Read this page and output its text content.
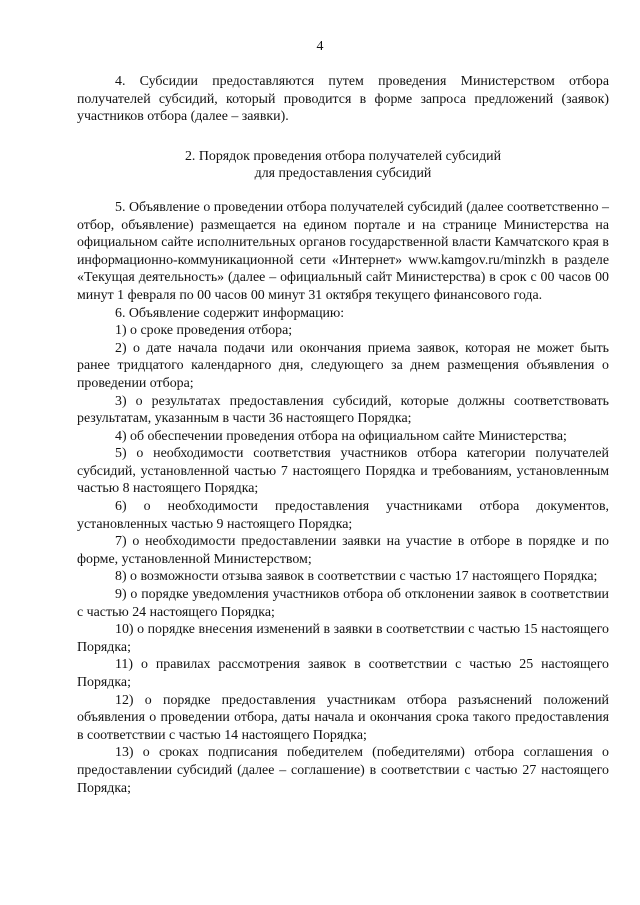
4

4. Субсидии предоставляются путем проведения Министерством отбора получателей субсидий, который проводится в форме запроса предложений (заявок) участников отбора (далее – заявки).

2. Порядок проведения отбора получателей субсидий
для предоставления субсидий

5. Объявление о проведении отбора получателей субсидий (далее соответственно – отбор, объявление) размещается на едином портале и на странице Министерства на официальном сайте исполнительных органов государственной власти Камчатского края в информационно-коммуникационной сети «Интернет» www.kamgov.ru/minzkh в разделе «Текущая деятельность» (далее – официальный сайт Министерства) в срок с 00 часов 00 минут 1 февраля по 00 часов 00 минут 31 октября текущего финансового года.

6. Объявление содержит информацию:

1) о сроке проведения отбора;

2) о дате начала подачи или окончания приема заявок, которая не может быть ранее тридцатого календарного дня, следующего за днем размещения объявления о проведении отбора;

3) о результатах предоставления субсидий, которые должны соответствовать результатам, указанным в части 36 настоящего Порядка;

4) об обеспечении проведения отбора на официальном сайте Министерства;

5) о необходимости соответствия участников отбора категории получателей субсидий, установленной частью 7 настоящего Порядка и требованиям, установленным частью 8 настоящего Порядка;

6) о необходимости предоставления участниками отбора документов, установленных частью 9 настоящего Порядка;

7) о необходимости предоставлении заявки на участие в отборе в порядке и по форме, установленной Министерством;

8) о возможности отзыва заявок в соответствии с частью 17 настоящего Порядка;

9) о порядке уведомления участников отбора об отклонении заявок в соответствии с частью 24 настоящего Порядка;

10) о порядке внесения изменений в заявки в соответствии с частью 15 настоящего Порядка;

11) о правилах рассмотрения заявок в соответствии с частью 25 настоящего Порядка;

12) о порядке предоставления участникам отбора разъяснений положений объявления о проведении отбора, даты начала и окончания срока такого предоставления в соответствии с частью 14 настоящего Порядка;

13) о сроках подписания победителем (победителями) отбора соглашения о предоставлении субсидий (далее – соглашение) в соответствии с частью 27 настоящего Порядка;
